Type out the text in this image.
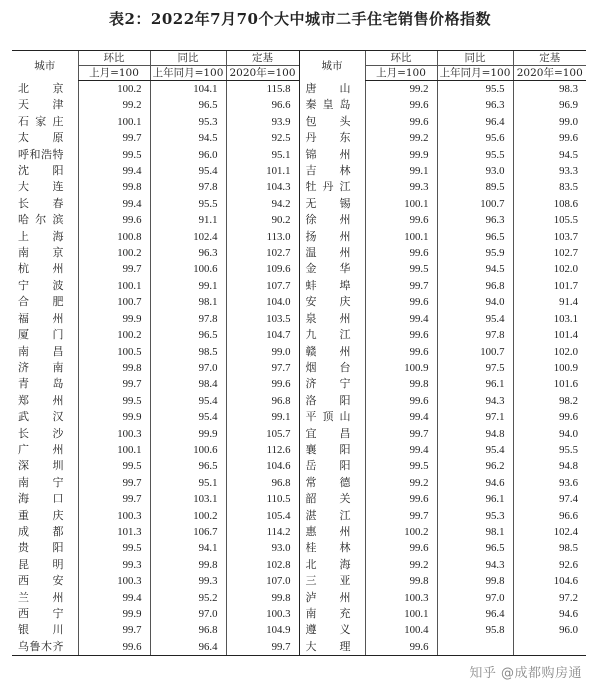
表2：2022年7月70个大中城市二手住宅销售价格指数
城市	环比	同比	定基	城市	环比	同比	定基
	上月=100	上年同月=100	2020年=100		上月=100	上年同月=100	2020年=100
北京	100.2	104.1	115.8	唐山	99.2	95.5	98.3
天津	99.2	96.5	96.6	秦皇岛	99.6	96.3	96.9
石家庄	100.1	95.3	93.9	包头	99.6	96.4	99.0
太原	99.7	94.5	92.5	丹东	99.2	95.6	99.6
呼和浩特	99.5	96.0	95.1	锦州	99.9	95.5	94.5
沈阳	99.4	95.4	101.1	吉林	99.1	93.0	93.3
大连	99.8	97.8	104.3	牡丹江	99.3	89.5	83.5
长春	99.4	95.5	94.2	无锡	100.1	100.7	108.6
哈尔滨	99.6	91.1	90.2	徐州	99.6	96.3	105.5
上海	100.8	102.4	113.0	扬州	100.1	96.5	103.7
南京	100.2	96.3	102.7	温州	99.6	95.9	102.7
杭州	99.7	100.6	109.6	金华	99.5	94.5	102.0
宁波	100.1	99.1	107.7	蚌埠	99.7	96.8	101.7
合肥	100.7	98.1	104.0	安庆	99.6	94.0	91.4
福州	99.9	97.8	103.5	泉州	99.4	95.4	103.1
厦门	100.2	96.5	104.7	九江	99.6	97.8	101.4
南昌	100.5	98.5	99.0	赣州	99.6	100.7	102.0
济南	99.8	97.0	97.7	烟台	100.9	97.5	100.9
青岛	99.7	98.4	99.6	济宁	99.8	96.1	101.6
郑州	99.5	95.4	96.8	洛阳	99.6	94.3	98.2
武汉	99.9	95.4	99.1	平顶山	99.4	97.1	99.6
长沙	100.3	99.9	105.7	宜昌	99.7	94.8	94.0
广州	100.1	100.6	112.6	襄阳	99.4	95.4	95.5
深圳	99.5	96.5	104.6	岳阳	99.5	96.2	94.8
南宁	99.7	95.1	96.8	常德	99.2	94.6	93.6
海口	99.7	103.1	110.5	韶关	99.6	96.1	97.4
重庆	100.3	100.2	105.4	湛江	99.7	95.3	96.6
成都	101.3	106.7	114.2	惠州	100.2	98.1	102.4
贵阳	99.5	94.1	93.0	桂林	99.6	96.5	98.5
昆明	99.3	99.8	102.8	北海	99.2	94.3	92.6
西安	100.3	99.3	107.0	三亚	99.8	99.8	104.6
兰州	99.4	95.2	99.8	泸州	100.3	97.0	97.2
西宁	99.9	97.0	100.3	南充	100.1	96.4	94.6
银川	99.7	96.8	104.9	遵义	100.4	95.8	96.0
乌鲁木齐	99.6	96.4	99.7	大理	99.6		
知乎 @成都购房通
